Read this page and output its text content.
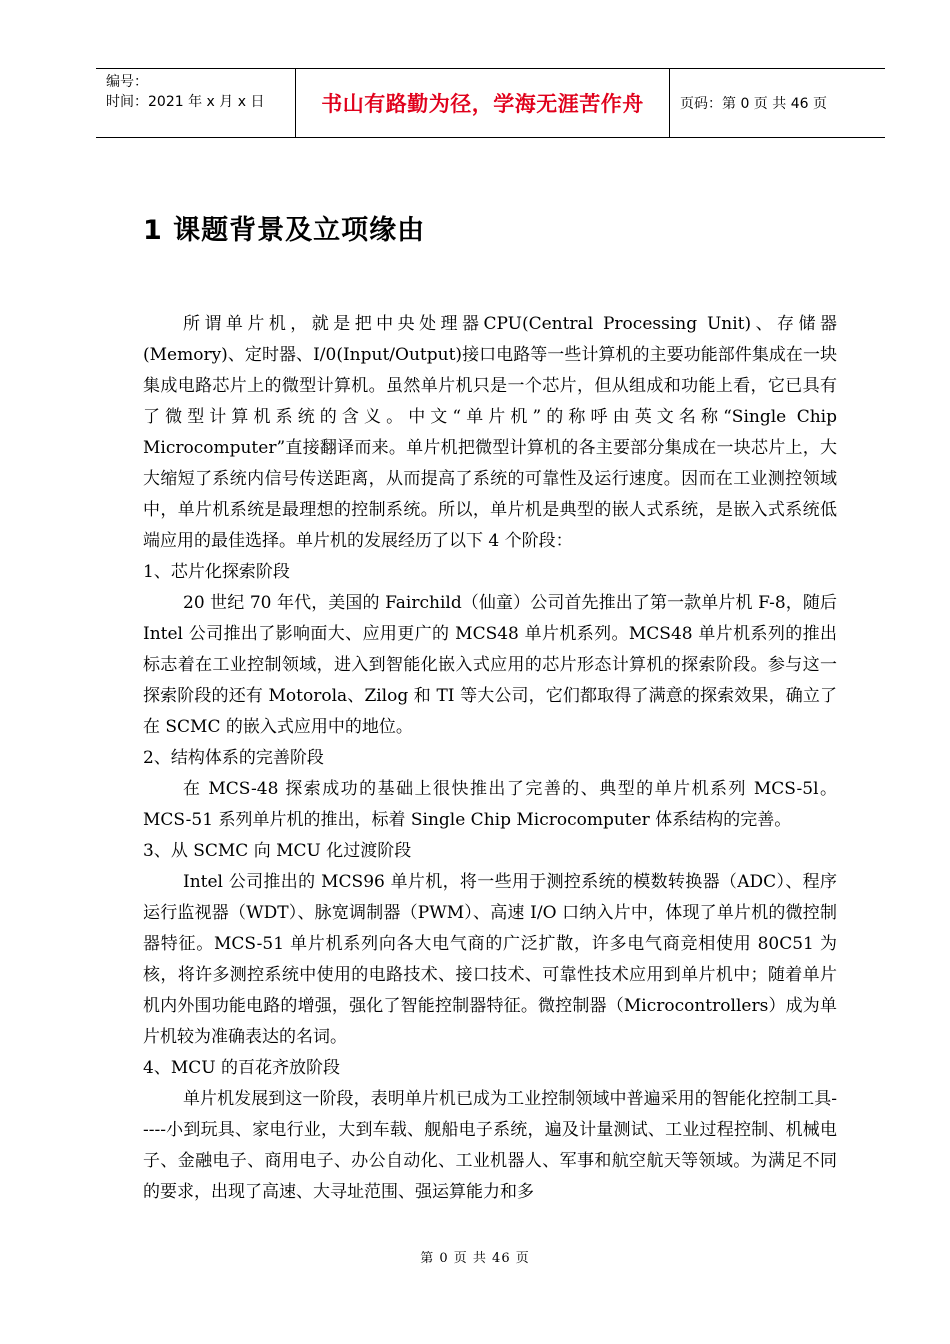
编号：
时间：2021 年 x 月 x 日	书山有路勤为径，学海无涯苦作舟	页码：第 0 页 共 46 页
1 课题背景及立项缘由

所谓单片机，就是把中央处理器CPU(Central Processing Unit)、存储器(Memory)、定时器、I/0(Input/Output)接口电路等一些计算机的主要功能部件集成在一块集成电路芯片上的微型计算机。虽然单片机只是一个芯片，但从组成和功能上看，它已具有了微型计算机系统的含义。中文“单片机”的称呼由英文名称“Single Chip Microcomputer”直接翻译而来。单片机把微型计算机的各主要部分集成在一块芯片上，大大缩短了系统内信号传送距离，从而提高了系统的可靠性及运行速度。因而在工业测控领域中，单片机系统是最理想的控制系统。所以，单片机是典型的嵌人式系统，是嵌入式系统低端应用的最佳选择。单片机的发展经历了以下 4 个阶段：

1、芯片化探索阶段

20 世纪 70 年代，美国的 Fairchild（仙童）公司首先推出了第一款单片机 F-8，随后 Intel 公司推出了影响面大、应用更广的 MCS48 单片机系列。MCS48 单片机系列的推出标志着在工业控制领域，进入到智能化嵌入式应用的芯片形态计算机的探索阶段。参与这一探索阶段的还有 Motorola、Zilog 和 TI 等大公司，它们都取得了满意的探索效果，确立了在 SCMC 的嵌入式应用中的地位。

2、结构体系的完善阶段

在 MCS-48 探索成功的基础上很快推出了完善的、典型的单片机系列 MCS-5l。MCS-51 系列单片机的推出，标着 Single Chip Microcomputer 体系结构的完善。

3、从 SCMC 向 MCU 化过渡阶段

Intel 公司推出的 MCS96 单片机，将一些用于测控系统的模数转换器（ADC）、程序运行监视器（WDT）、脉宽调制器（PWM）、高速 I/O 口纳入片中，体现了单片机的微控制器特征。MCS-51 单片机系列向各大电气商的广泛扩散，许多电气商竞相使用 80C51 为核，将许多测控系统中使用的电路技术、接口技术、可靠性技术应用到单片机中；随着单片机内外围功能电路的增强，强化了智能控制器特征。微控制器（Microcontrollers）成为单片机较为准确表达的名词。

4、MCU 的百花齐放阶段

单片机发展到这一阶段，表明单片机已成为工业控制领域中普遍采用的智能化控制工具-----小到玩具、家电行业，大到车载、舰船电子系统，遍及计量测试、工业过程控制、机械电子、金融电子、商用电子、办公自动化、工业机器人、军事和航空航天等领域。为满足不同的要求，出现了高速、大寻址范围、强运算能力和多

第 0 页 共 46 页
